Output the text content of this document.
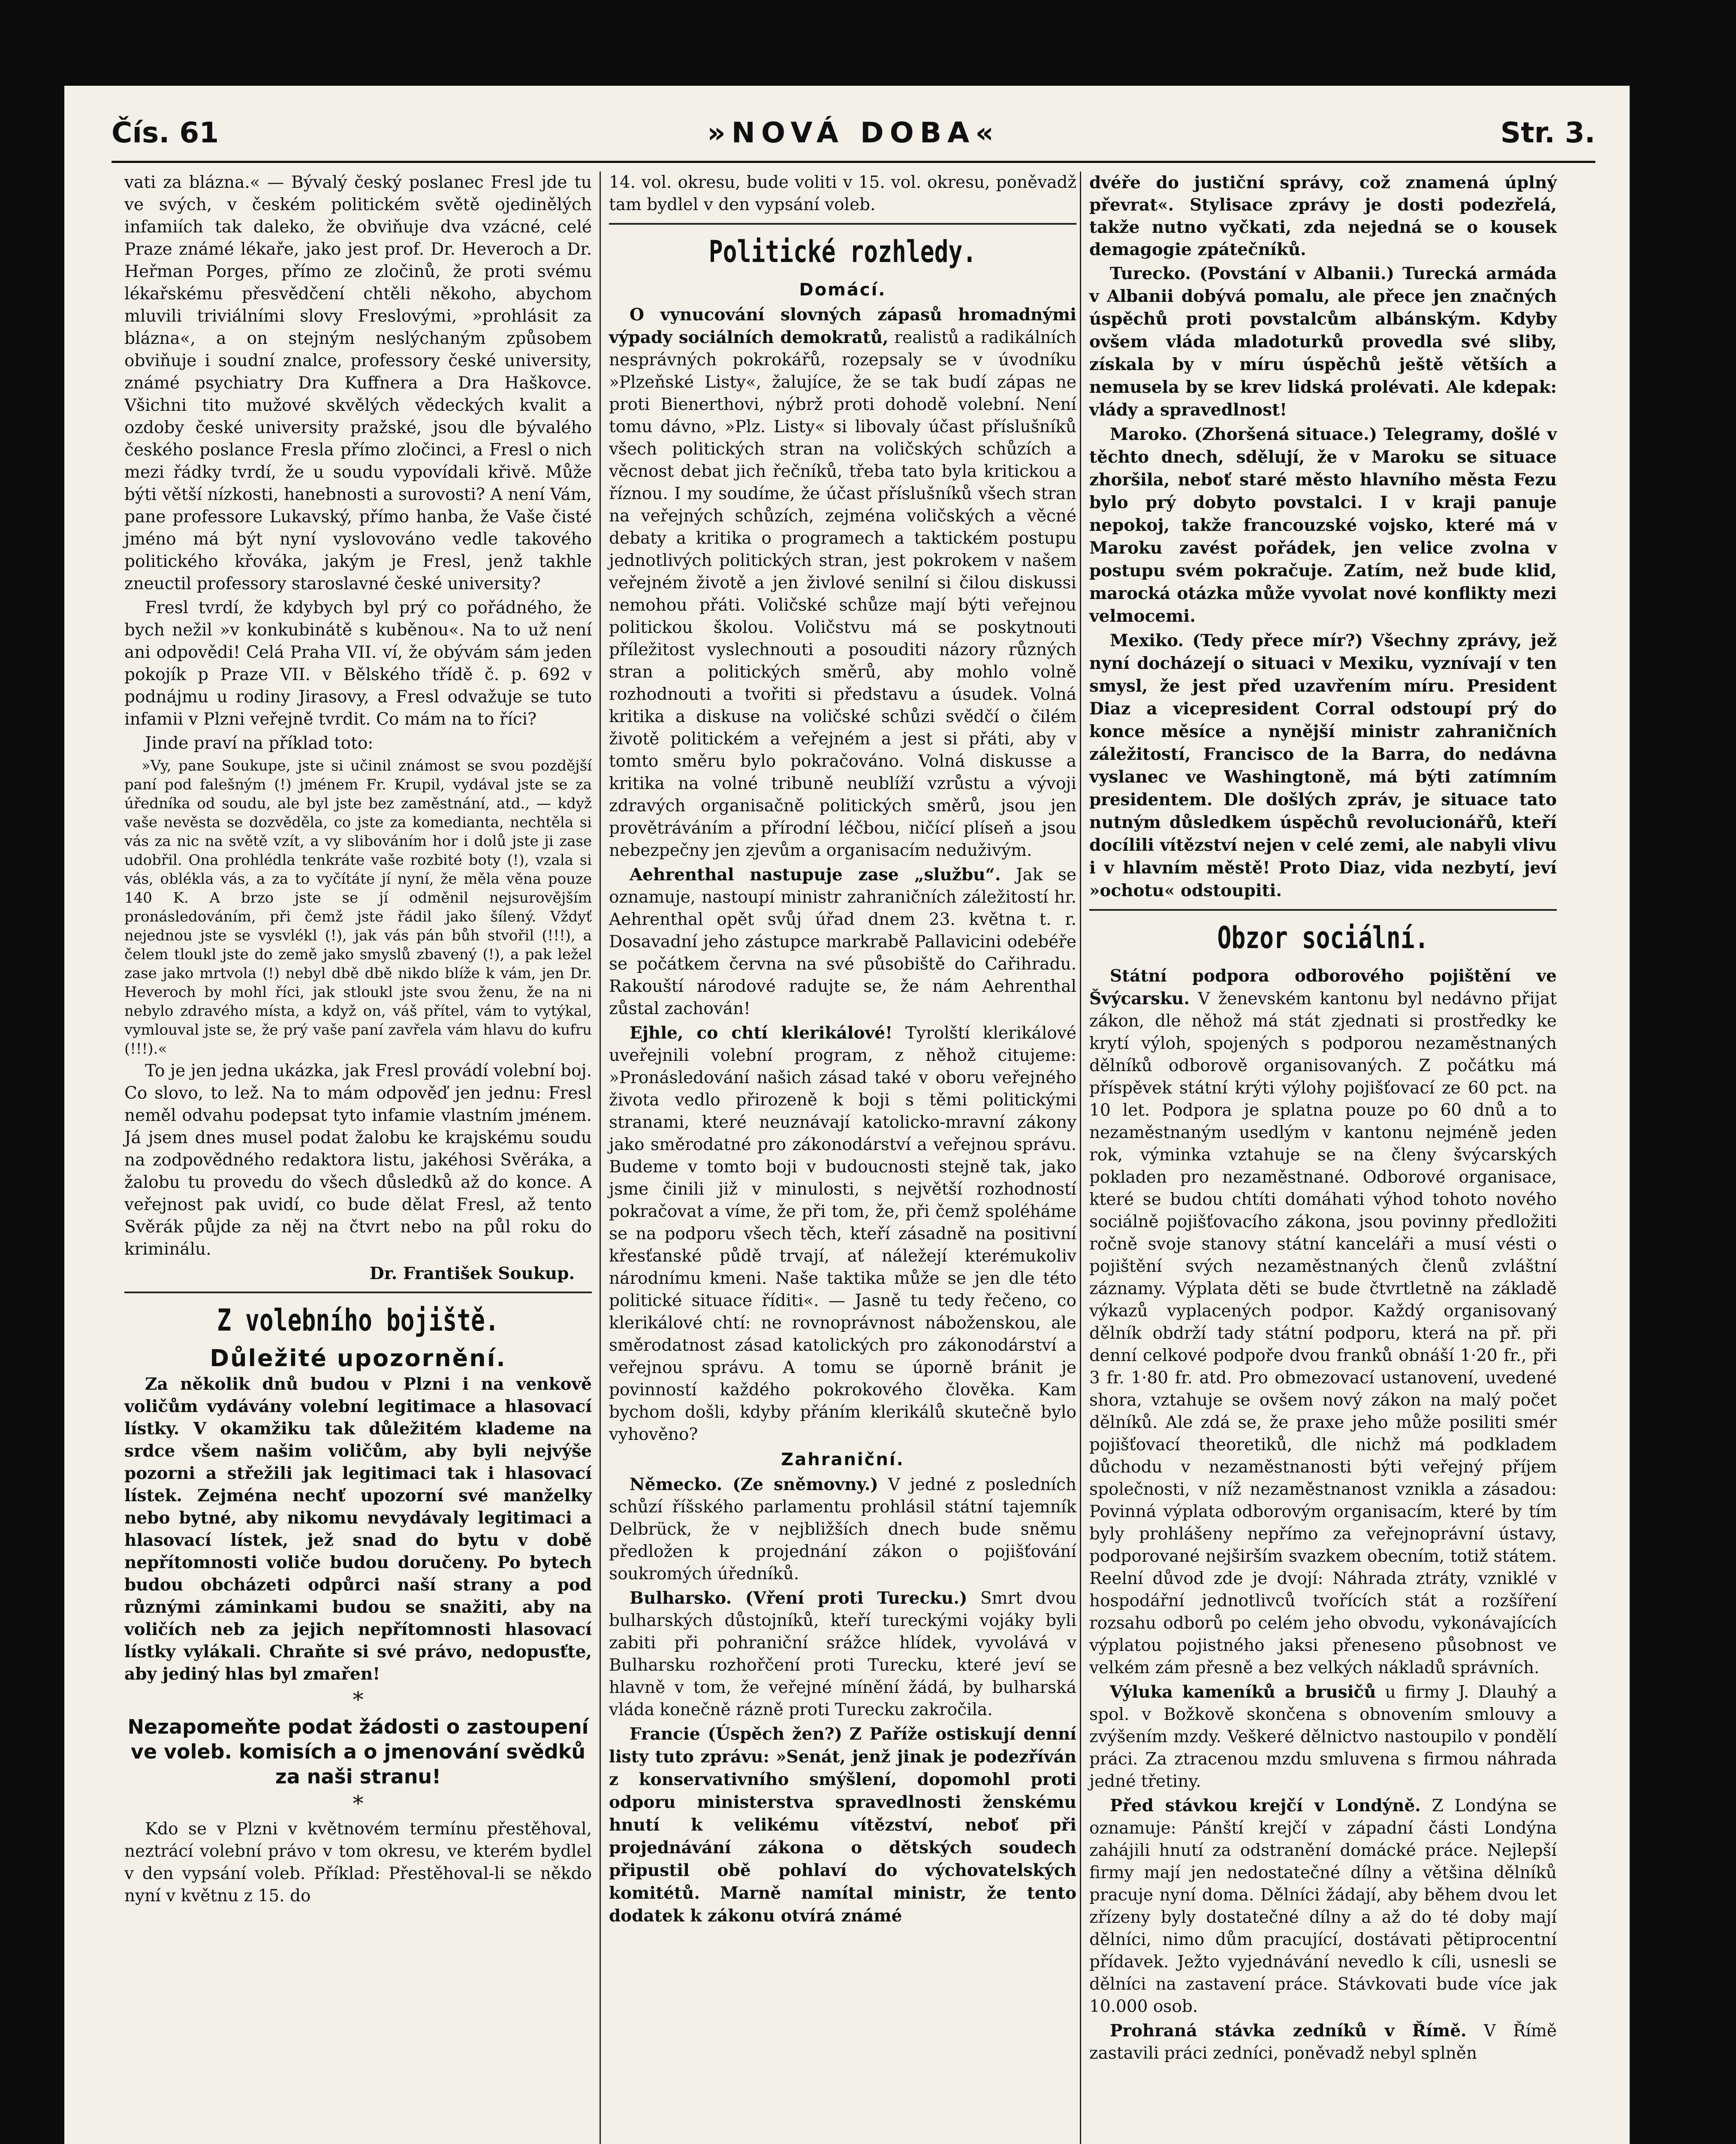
Čís. 61	»NOVÁ DOBA«	Str. 3.

vati za blázna.« — Bývalý český poslanec Fresl jde tu ve svých, v českém politickém světě ojedinělých infamiích tak daleko, že obviňuje dva vzácné, celé Praze známé lékaře, jako jest prof. Dr. Heveroch a Dr. Heřman Porges, přímo ze zločinů, že proti svému lékařskému přesvědčení chtěli někoho, abychom mluvili triviálními slovy Freslovými, »prohlásit za blázna«, a on stejným neslýchaným způsobem obviňuje i soudní znalce, professory české university, známé psychiatry Dra Kuffnera a Dra Haškovce. Všichni tito mužové skvělých vědeckých kvalit a ozdoby české university pražské, jsou dle bývalého českého poslance Fresla přímo zločinci, a Fresl o nich mezi řádky tvrdí, že u soudu vypovídali křivě. Může býti větší nízkosti, hanebnosti a surovosti? A není Vám, pane professore Lukavský, přímo hanba, že Vaše čisté jméno má být nyní vyslovováno vedle takového politického křováka, jakým je Fresl, jenž takhle zneuctil professory staroslavné české university?

Fresl tvrdí, že kdybych byl prý co pořádného, že bych nežil »v konkubinátě s kuběnou«. Na to už není ani odpovědi! Celá Praha VII. ví, že obývám sám jeden pokojík p Praze VII. v Bělského třídě č. p. 692 v podnájmu u rodiny Jirasovy, a Fresl odvažuje se tuto infamii v Plzni veřejně tvrdit. Co mám na to říci?

Jinde praví na příklad toto:

»Vy, pane Soukupe, jste si učinil známost se svou pozdější paní pod falešným (!) jménem Fr. Krupil, vydával jste se za úředníka od soudu, ale byl jste bez zaměstnání, atd., — když vaše nevěsta se dozvěděla, co jste za komedianta, nechtěla si vás za nic na světě vzít, a vy slibováním hor i dolů jste ji zase udobřil. Ona prohlédla tenkráte vaše rozbité boty (!), vzala si vás, oblékla vás, a za to vyčítáte jí nyní, že měla věna pouze 140 K. A brzo jste se jí odměnil nejsurovějším pronásledováním, při čemž jste řádil jako šílený. Vždyť nejednou jste se vysvlékl (!), jak vás pán bůh stvořil (!!!), a čelem tloukl jste do země jako smyslů zbavený (!), a pak ležel zase jako mrtvola (!) nebyl dbě dbě nikdo blíže k vám, jen Dr. Heveroch by mohl říci, jak stloukl jste svou ženu, že na ni nebylo zdravého místa, a když on, váš přítel, vám to vytýkal, vymlouval jste se, že prý vaše paní zavřela vám hlavu do kufru (!!!).«

To je jen jedna ukázka, jak Fresl provádí volební boj. Co slovo, to lež. Na to mám odpověď jen jednu: Fresl neměl odvahu podepsat tyto infamie vlastním jménem. Já jsem dnes musel podat žalobu ke krajskému soudu na zodpovědného redaktora listu, jakéhosi Svěráka, a žalobu tu provedu do všech důsledků až do konce. A veřejnost pak uvidí, co bude dělat Fresl, až tento Svěrák půjde za něj na čtvrt nebo na půl roku do kriminálu.

Dr. František Soukup.
Z volebního bojiště.
Důležité upozornění.

Za několik dnů budou v Plzni i na venkově voličům vydávány volební legitimace a hlasovací lístky. V okamžiku tak důležitém klademe na srdce všem našim voličům, aby byli nejvýše pozorni a střežili jak legitimaci tak i hlasovací lístek. Zejména nechť upozorní své manželky nebo bytné, aby nikomu nevydávaly legitimaci a hlasovací lístek, jež snad do bytu v době nepřítomnosti voliče budou doručeny. Po bytech budou obcházeti odpůrci naší strany a pod různými záminkami budou se snažiti, aby na voličích neb za jejich nepřítomnosti hlasovací lístky vylákali. Chraňte si své právo, nedopusťte, aby jediný hlas byl zmařen!

*
Nezapomeňte podat žádosti o zastoupení ve voleb. komisích a o jmenování svědků za naši stranu!
*

Kdo se v Plzni v květnovém termínu přestěhoval, neztrácí volební právo v tom okresu, ve kterém bydlel v den vypsání voleb. Příklad: Přestěhoval-li se někdo nyní v květnu z 15. do

14. vol. okresu, bude voliti v 15. vol. okresu, poněvadž tam bydlel v den vypsání voleb.

Politické rozhledy.
Domácí.

O vynucování slovných zápasů hromadnými výpady sociálních demokratů, realistů a radikálních nesprávných pokrokářů, rozepsaly se v úvodníku »Plzeňské Listy«, žalujíce, že se tak budí zápas ne proti Bienerthovi, nýbrž proti dohodě volební. Není tomu dávno, »Plz. Listy« si libovaly účast příslušníků všech politických stran na voličských schůzích a věcnost debat jich řečníků, třeba tato byla kritickou a říznou. I my soudíme, že účast příslušníků všech stran na veřejných schůzích, zejména voličských a věcné debaty a kritika o programech a taktickém postupu jednotlivých politických stran, jest pokrokem v našem veřejném životě a jen živlové senilní si čilou diskussi nemohou přáti. Voličské schůze mají býti veřejnou politickou školou. Voličstvu má se poskytnouti příležitost vyslechnouti a posouditi názory různých stran a politických směrů, aby mohlo volně rozhodnouti a tvořiti si představu a úsudek. Volná kritika a diskuse na voličské schůzi svědčí o čilém životě politickém a veřejném a jest si přáti, aby v tomto směru bylo pokračováno. Volná diskusse a kritika na volné tribuně neublíží vzrůstu a vývoji zdravých organisačně politických směrů, jsou jen provětráváním a přírodní léčbou, ničící plíseň a jsou nebezpečny jen zjevům a organisacím neduživým.

Aehrenthal nastupuje zase „službu“. Jak se oznamuje, nastoupí ministr zahraničních záležitostí hr. Aehrenthal opět svůj úřad dnem 23. května t. r. Dosavadní jeho zástupce markrabě Pallavicini odebéře se počátkem června na své působiště do Cařihradu. Rakouští národové radujte se, že nám Aehrenthal zůstal zachován!

Ejhle, co chtí klerikálové! Tyrolští klerikálové uveřejnili volební program, z něhož citujeme: »Pronásledování našich zásad také v oboru veřejného života vedlo přirozeně k boji s těmi politickými stranami, které neuznávají katolicko-mravní zákony jako směrodatné pro zákonodárství a veřejnou správu. Budeme v tomto boji v budoucnosti stejně tak, jako jsme činili již v minulosti, s největší rozhodností pokračovat a víme, že při tom, že, při čemž spoléháme se na podporu všech těch, kteří zásadně na positivní křesťanské půdě trvají, ať náležejí kterémukoliv národnímu kmeni. Naše taktika může se jen dle této politické situace říditi«. — Jasně tu tedy řečeno, co klerikálové chtí: ne rovnoprávnost náboženskou, ale směrodatnost zásad katolických pro zákonodárství a veřejnou správu. A tomu se úporně bránit je povinností každého pokrokového člověka. Kam bychom došli, kdyby přáním klerikálů skutečně bylo vyhověno?

Zahraniční.

Německo. (Ze sněmovny.) V jedné z posledních schůzí říšského parlamentu prohlásil státní tajemník Delbrück, že v nejbližších dnech bude sněmu předložen k projednání zákon o pojišťování soukromých úředníků.

Bulharsko. (Vření proti Turecku.) Smrt dvou bulharských důstojníků, kteří tureckými vojáky byli zabiti při pohraniční srážce hlídek, vyvolává v Bulharsku rozhořčení proti Turecku, které jeví se hlavně v tom, že veřejné mínění žádá, by bulharská vláda konečně rázně proti Turecku zakročila.

Francie (Úspěch žen?) Z Paříže ostiskují denní listy tuto zprávu: »Senát, jenž jinak je podezříván z konservativního smýšlení, dopomohl proti odporu ministerstva spravedlnosti ženskému hnutí k velikému vítězství, neboť při projednávání zákona o dětských soudech připustil obě pohlaví do výchovatelských komitétů. Marně namítal ministr, že tento dodatek k zákonu otvírá známé

dvéře do justiční správy, což znamená úplný převrat«. Stylisace zprávy je dosti podezřelá, takže nutno vyčkati, zda nejedná se o kousek demagogie zpátečníků.

Turecko. (Povstání v Albanii.) Turecká armáda v Albanii dobývá pomalu, ale přece jen značných úspěchů proti povstalcům albánským. Kdyby ovšem vláda mladoturků provedla své sliby, získala by v míru úspěchů ještě větších a nemusela by se krev lidská prolévati. Ale kdepak: vlády a spravedlnost!

Maroko. (Zhoršená situace.) Telegramy, došlé v těchto dnech, sdělují, že v Maroku se situace zhoršila, neboť staré město hlavního města Fezu bylo prý dobyto povstalci. I v kraji panuje nepokoj, takže francouzské vojsko, které má v Maroku zavést pořádek, jen velice zvolna v postupu svém pokračuje. Zatím, než bude klid, marocká otázka může vyvolat nové konflikty mezi velmocemi.

Mexiko. (Tedy přece mír?) Všechny zprávy, jež nyní docházejí o situaci v Mexiku, vyznívají v ten smysl, že jest před uzavřením míru. President Diaz a vicepresident Corral odstoupí prý do konce měsíce a nynější ministr zahraničních záležitostí, Francisco de la Barra, do nedávna vyslanec ve Washingtoně, má býti zatímním presidentem. Dle došlých zpráv, je situace tato nutným důsledkem úspěchů revolucionářů, kteří docílili vítězství nejen v celé zemi, ale nabyli vlivu i v hlavním městě! Proto Diaz, vida nezbytí, jeví »ochotu« odstoupiti.

Obzor sociální.

Státní podpora odborového pojištění ve Švýcarsku. V ženevském kantonu byl nedávno přijat zákon, dle něhož má stát zjednati si prostředky ke krytí výloh, spojených s podporou nezaměstnaných dělníků odborově organisovaných. Z počátku má příspěvek státní krýti výlohy pojišťovací ze 60 pct. na 10 let. Podpora je splatna pouze po 60 dnů a to nezaměstnaným usedlým v kantonu nejméně jeden rok, výminka vztahuje se na členy švýcarských pokladen pro nezaměstnané. Odborové organisace, které se budou chtíti domáhati výhod tohoto nového sociálně pojišťovacího zákona, jsou povinny předložiti ročně svoje stanovy státní kanceláři a musí vésti o pojištění svých nezaměstnaných členů zvláštní záznamy. Výplata děti se bude čtvrtletně na základě výkazů vyplacených podpor. Každý organisovaný dělník obdrží tady státní podporu, která na př. při denní celkové podpoře dvou franků obnáší 1·20 fr., při 3 fr. 1·80 fr. atd. Pro obmezovací ustanovení, uvedené shora, vztahuje se ovšem nový zákon na malý počet dělníků. Ale zdá se, že praxe jeho může posiliti smér pojišťovací theoretiků, dle nichž má podkladem důchodu v nezaměstnanosti býti veřejný příjem společnosti, v níž nezaměstnanost vznikla a zásadou: Povinná výplata odborovým organisacím, které by tím byly prohlášeny nepřímo za veřejnoprávní ústavy, podporované nejširším svazkem obecním, totiž státem. Reelní důvod zde je dvojí: Náhrada ztráty, vzniklé v hospodářní jednotlivců tvořících stát a rozšíření rozsahu odborů po celém jeho obvodu, vykonávajících výplatou pojistného jaksi přeneseno působnost ve velkém zám přesně a bez velkých nákladů správních.

Výluka kameníků a brusičů u firmy J. Dlauhý a spol. v Božkově skončena s obnovením smlouvy a zvýšením mzdy. Veškeré dělnictvo nastoupilo v pondělí práci. Za ztracenou mzdu smluvena s firmou náhrada jedné třetiny.

Před stávkou krejčí v Londýně. Z Londýna se oznamuje: Pánští krejčí v západní části Londýna zahájili hnutí za odstranění domácké práce. Nejlepší firmy mají jen nedostatečné dílny a většina dělníků pracuje nyní doma. Dělníci žádají, aby během dvou let zřízeny byly dostatečné dílny a až do té doby mají dělníci, nimo dům pracující, dostávati pětiprocentní přídavek. Ježto vyjednávání nevedlo k cíli, usnesli se dělníci na zastavení práce. Stávkovati bude více jak 10.000 osob.

Prohraná stávka zedníků v Římě. V Římě zastavili práci zedníci, poněvadž nebyl splněn
